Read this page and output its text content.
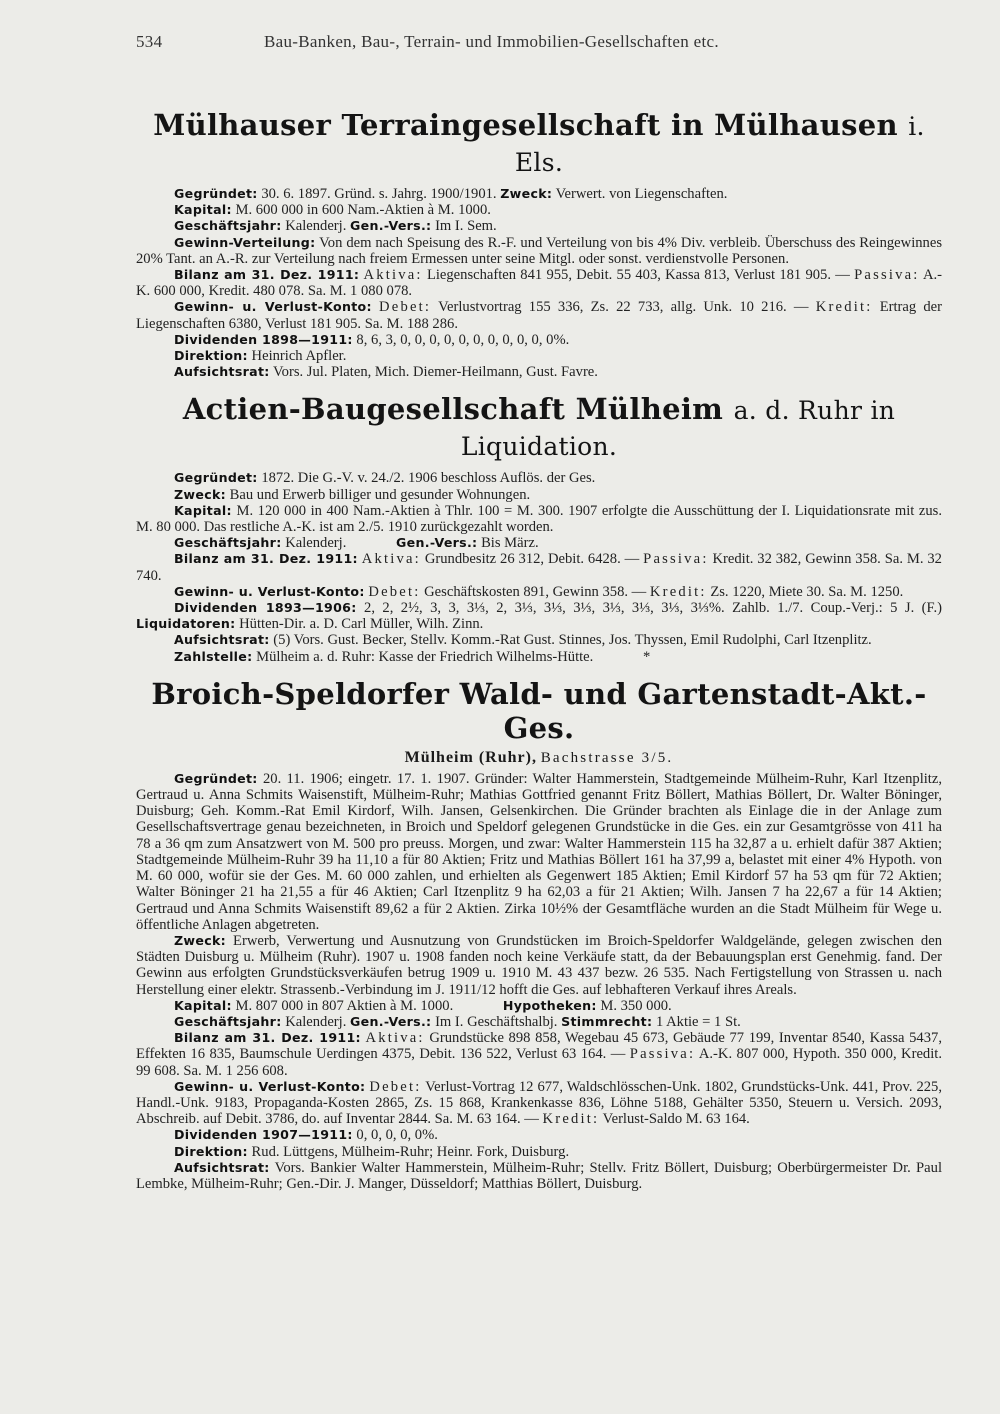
534	Bau-Banken, Bau-, Terrain- und Immobilien-Gesellschaften etc.
Mülhauser Terraingesellschaft in Mülhausen i. Els.

Gegründet: 30. 6. 1897. Gründ. s. Jahrg. 1900/1901. Zweck: Verwert. von Liegenschaften.

Kapital: M. 600 000 in 600 Nam.-Aktien à M. 1000.

Geschäftsjahr: Kalenderj. Gen.-Vers.: Im I. Sem.

Gewinn-Verteilung: Von dem nach Speisung des R.-F. und Verteilung von bis 4% Div. verbleib. Überschuss des Reingewinnes 20% Tant. an A.-R. zur Verteilung nach freiem Ermessen unter seine Mitgl. oder sonst. verdienstvolle Personen.

Bilanz am 31. Dez. 1911: Aktiva: Liegenschaften 841 955, Debit. 55 403, Kassa 813, Verlust 181 905. — Passiva: A.-K. 600 000, Kredit. 480 078. Sa. M. 1 080 078.

Gewinn- u. Verlust-Konto: Debet: Verlustvortrag 155 336, Zs. 22 733, allg. Unk. 10 216. — Kredit: Ertrag der Liegenschaften 6380, Verlust 181 905. Sa. M. 188 286.

Dividenden 1898—1911: 8, 6, 3, 0, 0, 0, 0, 0, 0, 0, 0, 0, 0, 0%.

Direktion: Heinrich Apfler.

Aufsichtsrat: Vors. Jul. Platen, Mich. Diemer-Heilmann, Gust. Favre.

Actien-Baugesellschaft Mülheim a. d. Ruhr in Liquidation.

Gegründet: 1872. Die G.-V. v. 24./2. 1906 beschloss Auflös. der Ges.

Zweck: Bau und Erwerb billiger und gesunder Wohnungen.

Kapital: M. 120 000 in 400 Nam.-Aktien à Thlr. 100 = M. 300. 1907 erfolgte die Ausschüttung der I. Liquidationsrate mit zus. M. 80 000. Das restliche A.-K. ist am 2./5. 1910 zurückgezahlt worden.

Geschäftsjahr: Kalenderj.	Gen.-Vers.: Bis März.

Bilanz am 31. Dez. 1911: Aktiva: Grundbesitz 26 312, Debit. 6428. — Passiva: Kredit. 32 382, Gewinn 358. Sa. M. 32 740.

Gewinn- u. Verlust-Konto: Debet: Geschäftskosten 891, Gewinn 358. — Kredit: Zs. 1220, Miete 30. Sa. M. 1250.

Dividenden 1893—1906: 2, 2, 2½, 3, 3, 3⅓, 2, 3⅓, 3⅓, 3⅓, 3⅓, 3⅓, 3⅓, 3⅓%. Zahlb. 1./7. Coup.-Verj.: 5 J. (F.) Liquidatoren: Hütten-Dir. a. D. Carl Müller, Wilh. Zinn.

Aufsichtsrat: (5) Vors. Gust. Becker, Stellv. Komm.-Rat Gust. Stinnes, Jos. Thyssen, Emil Rudolphi, Carl Itzenplitz.

Zahlstelle: Mülheim a. d. Ruhr: Kasse der Friedrich Wilhelms-Hütte.	*

Broich-Speldorfer Wald- und Gartenstadt-Akt.-Ges.
Mülheim (Ruhr), Bachstrasse 3/5.

Gegründet: 20. 11. 1906; eingetr. 17. 1. 1907. Gründer: Walter Hammerstein, Stadtgemeinde Mülheim-Ruhr, Karl Itzenplitz, Gertraud u. Anna Schmits Waisenstift, Mülheim-Ruhr; Mathias Gottfried genannt Fritz Böllert, Mathias Böllert, Dr. Walter Böninger, Duisburg; Geh. Komm.-Rat Emil Kirdorf, Wilh. Jansen, Gelsenkirchen. Die Gründer brachten als Einlage die in der Anlage zum Gesellschaftsvertrage genau bezeichneten, in Broich und Speldorf gelegenen Grundstücke in die Ges. ein zur Gesamtgrösse von 411 ha 78 a 36 qm zum Ansatzwert von M. 500 pro preuss. Morgen, und zwar: Walter Hammerstein 115 ha 32,87 a u. erhielt dafür 387 Aktien; Stadtgemeinde Mülheim-Ruhr 39 ha 11,10 a für 80 Aktien; Fritz und Mathias Böllert 161 ha 37,99 a, belastet mit einer 4% Hypoth. von M. 60 000, wofür sie der Ges. M. 60 000 zahlen, und erhielten als Gegenwert 185 Aktien; Emil Kirdorf 57 ha 53 qm für 72 Aktien; Walter Böninger 21 ha 21,55 a für 46 Aktien; Carl Itzenplitz 9 ha 62,03 a für 21 Aktien; Wilh. Jansen 7 ha 22,67 a für 14 Aktien; Gertraud und Anna Schmits Waisenstift 89,62 a für 2 Aktien. Zirka 10½% der Gesamtfläche wurden an die Stadt Mülheim für Wege u. öffentliche Anlagen abgetreten.

Zweck: Erwerb, Verwertung und Ausnutzung von Grundstücken im Broich-Speldorfer Waldgelände, gelegen zwischen den Städten Duisburg u. Mülheim (Ruhr). 1907 u. 1908 fanden noch keine Verkäufe statt, da der Bebauungsplan erst Genehmig. fand. Der Gewinn aus erfolgten Grundstücksverkäufen betrug 1909 u. 1910 M. 43 437 bezw. 26 535. Nach Fertigstellung von Strassen u. nach Herstellung einer elektr. Strassenb.-Verbindung im J. 1911/12 hofft die Ges. auf lebhafteren Verkauf ihres Areals.

Kapital: M. 807 000 in 807 Aktien à M. 1000.	Hypotheken: M. 350 000.

Geschäftsjahr: Kalenderj. Gen.-Vers.: Im I. Geschäftshalbj. Stimmrecht: 1 Aktie = 1 St.

Bilanz am 31. Dez. 1911: Aktiva: Grundstücke 898 858, Wegebau 45 673, Gebäude 77 199, Inventar 8540, Kassa 5437, Effekten 16 835, Baumschule Uerdingen 4375, Debit. 136 522, Verlust 63 164. — Passiva: A.-K. 807 000, Hypoth. 350 000, Kredit. 99 608. Sa. M. 1 256 608.

Gewinn- u. Verlust-Konto: Debet: Verlust-Vortrag 12 677, Waldschlösschen-Unk. 1802, Grundstücks-Unk. 441, Prov. 225, Handl.-Unk. 9183, Propaganda-Kosten 2865, Zs. 15 868, Krankenkasse 836, Löhne 5188, Gehälter 5350, Steuern u. Versich. 2093, Abschreib. auf Debit. 3786, do. auf Inventar 2844. Sa. M. 63 164. — Kredit: Verlust-Saldo M. 63 164.

Dividenden 1907—1911: 0, 0, 0, 0, 0%.

Direktion: Rud. Lüttgens, Mülheim-Ruhr; Heinr. Fork, Duisburg.

Aufsichtsrat: Vors. Bankier Walter Hammerstein, Mülheim-Ruhr; Stellv. Fritz Böllert, Duisburg; Oberbürgermeister Dr. Paul Lembke, Mülheim-Ruhr; Gen.-Dir. J. Manger, Düsseldorf; Matthias Böllert, Duisburg.
